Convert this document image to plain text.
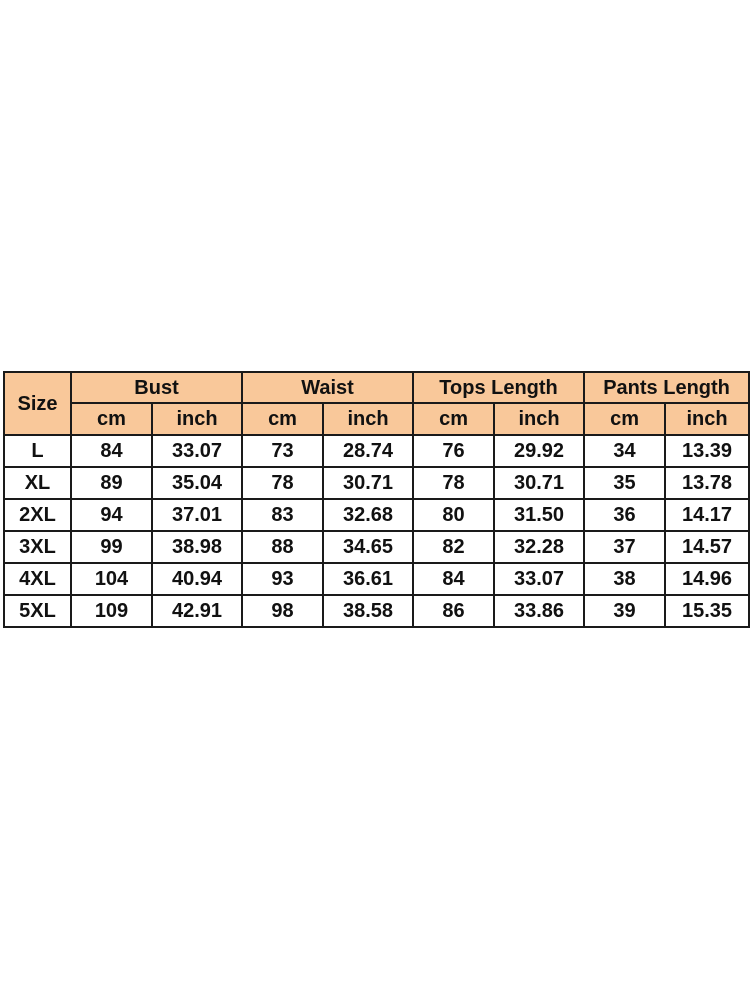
Size	Bust		Waist		Tops Length		Pants Length	
	cm	inch	cm	inch	cm	inch	cm	inch
L	84	33.07	73	28.74	76	29.92	34	13.39
XL	89	35.04	78	30.71	78	30.71	35	13.78
2XL	94	37.01	83	32.68	80	31.50	36	14.17
3XL	99	38.98	88	34.65	82	32.28	37	14.57
4XL	104	40.94	93	36.61	84	33.07	38	14.96
5XL	109	42.91	98	38.58	86	33.86	39	15.35
